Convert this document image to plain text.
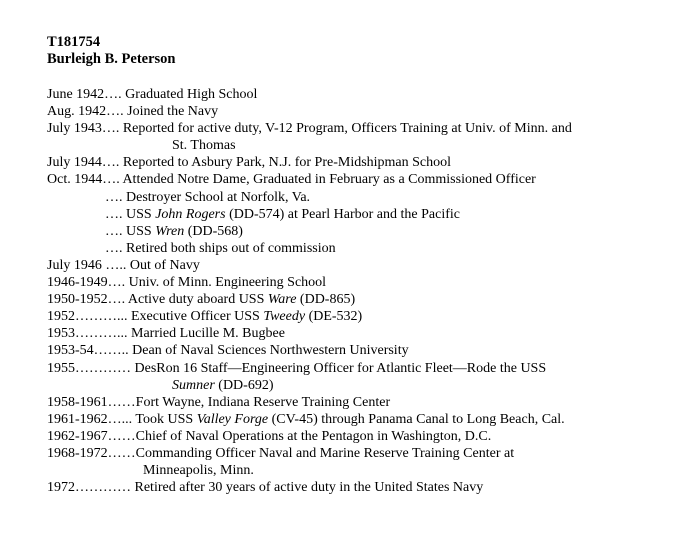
T181754
Burleigh B. Peterson
June 1942…. Graduated High School
Aug. 1942…. Joined the Navy
July 1943…. Reported for active duty, V-12 Program, Officers Training at Univ. of Minn. and
St. Thomas
July 1944…. Reported to Asbury Park, N.J. for Pre-Midshipman School
Oct. 1944…. Attended Notre Dame, Graduated in February as a Commissioned Officer
…. Destroyer School at Norfolk, Va.
…. USS John Rogers (DD-574) at Pearl Harbor and the Pacific
…. USS Wren (DD-568)
…. Retired both ships out of commission
July 1946 ….. Out of Navy
1946-1949…. Univ. of Minn. Engineering School
1950-1952…. Active duty aboard USS Ware (DD-865)
1952………... Executive Officer USS Tweedy (DE-532)
1953………... Married Lucille M. Bugbee
1953-54…….. Dean of Naval Sciences Northwestern University
1955………… DesRon 16 Staff—Engineering Officer for Atlantic Fleet—Rode the USS
Sumner (DD-692)
1958-1961……Fort Wayne, Indiana Reserve Training Center
1961-1962…... Took USS Valley Forge (CV-45) through Panama Canal to Long Beach, Cal.
1962-1967……Chief of Naval Operations at the Pentagon in Washington, D.C.
1968-1972……Commanding Officer Naval and Marine Reserve Training Center at
Minneapolis, Minn.
1972………… Retired after 30 years of active duty in the United States Navy
